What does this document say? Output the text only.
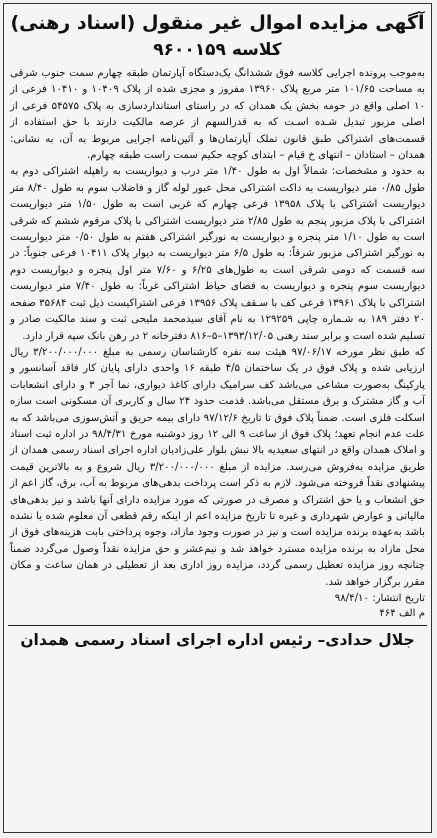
آگهی مزایده اموال غیر منقول (اسناد رهنی)
کلاسه ۹۶۰۰۱۵۹

به‌موجب پرونده اجرایی کلاسه فوق ششدانگ یک‌دستگاه آپارتمان طبقه چهارم سمت جنوب شرقی به مساحت ۱۰۱/۶۵ متر مربع پلاک ۱۳۹۶۰ مفروز و مجزی شده از پلاک ۱۰۴۰۹ و ۱۰۴۱۰ فرعی از ۱۰ اصلی واقع در حومه بخش یک همدان که در راستای استانداردسازی به پلاک ۵۴۵۷۵ فرعی از اصلی مزبور تبدیل شـده اسـت که به قدرالسهم از عرصه مالکیت دارند با حق استفاده از قسمت‌های اشتراکی طبق قانون تملک آپارتمان‌ها و آئین‌نامه اجرایی مربوط به آن، به نشانی: همدان – استادان – انتهای خ قیام – ابتدای کوچه حکیم سمت راست طبقه چهارم.

به حدود و مشخصات: شمالاً اول به طول ۱/۴۰ متر درب و دیواریست به راهپله اشتراکی دوم به طول ۰/۸۵ متر دیواریست به داکت اشتراکی محل عبور لوله گاز و فاضلاب سوم به طول ۸/۴۰ متر دیواریست اشتراکی با پلاک ۱۳۹۵۸ فرعی چهارم که غربی است به طول ۱/۵۰ متر دیواریست اشتراکی با پلاک مزبور پنجم به طول ۲/۸۵ متر دیواریست اشتراکی با پلاک مرقوم ششم که شرقی است به طول ۱/۱۰ متر پنجره و دیواریست به نورگیر اشتراکی هفتم به طول ۰/۵۰ متر دیواریست به نورگیر اشتراکی مزبور شرقاً: به طول ۶/۵ متر دیواریست به دیوار پلاک ۱۰۴۱۱ فرعی جنوباً: در سه قسمت که دومی شرقی است به طول‌های ۶/۲۵ و ۷/۶۰ متر اول پنجره و دیواریست دوم دیواریست سوم پنجره و دیواریست به فضای حیاط اشتراکی غرباً: به طول ۷/۴۰ متر دیواریست اشتراکی با پلاک ۱۳۹۶۱ فرعی کف با سـقف پلاک ۱۳۹۵۶ فرعی اشتراکیست ذیل ثبت ۳۵۶۸۴ صفحه ۲۰ دفتر ۱۸۹ به شـماره چاپی ۱۲۹۲۵۹ به نام آقای سیدمحمد ملیحی ثبت و سند مالکیت صادر و تسلیم شده است و برابر سند رهنی ۱۳۹۳/۱۲/۰۵–۵–۸۱۶ دفترخانه ۲ در رهن بانک سپه قرار دارد.

که طبق نظر مورخه ۹۷/۰۶/۱۷ هیئت سه نفره کارشناسان رسمی به مبلغ ۳/۲۰۰/۰۰۰/۰۰۰ ریال ارزیابی شده و پلاک فوق در یک ساختمان ۴/۵ طبقه ۱۶ واحدی دارای پایان کار فاقد آسانسور و پارکینگ به‌صورت مشاعی می‌باشد کف سرامیک دارای کاغذ دیواری، نما آجر ۳ و دارای انشعابات آب و گاز مشترک و برق مستقل می‌باشد. قدمت حدود ۲۴ سال و کاربری آن مسکونی است سازه اسکلت فلزی است. ضمناً پلاک فوق تا تاریخ ۹۷/۱۲/۶ دارای بیمه حریق و آتش‌سوزی می‌باشد که به علت عدم انجام تعهد؛ پلاک فوق از ساعت ۹ الی ۱۲ روز دوشنبه مورخ ۹۸/۴/۳۱ در اداره ثبت اسناد و املاک همدان واقع در انتهای سعیدیه بالا نبش بلوار علی‌زادیان اداره اجرای اسناد رسمی همدان از طریق مزایده به‌فروش می‌رسد. مزایده از مبلغ ۳/۲۰۰/۰۰۰/۰۰۰ ریال شروع و به بالاترین قیمت پیشنهادی نقداً فروخته می‌شود. لازم به ذکر است پرداخت بدهی‌های مربوط به آب، برق، گاز اعم از حق انشعاب و یا حق اشتراک و مصرف در صورتی که مورد مزایده دارای آنها باشد و نیز بدهی‌های مالیاتی و عوارض شهرداری و غیره تا تاریخ مزایده اعم از اینکه رقم قطعی آن معلوم شده یا نشده باشد به‌عهده برنده مزایده است و نیز در صورت وجود مازاد، وجوه پرداختی بابت هزینه‌های فوق از محل مازاد به برنده مزایده مسترد خواهد شد و نیم‌عشر و حق مزایده نقداً وصول می‌گردد ضمناً چنانچه روز مزایده تعطیل رسمی گردد، مزایده روز اداری بعد از تعطیلی در همان ساعت و مکان مقرر برگزار خواهد شد.

تاریخ انتشار: ۹۸/۴/۱۰
م الف ۴۶۴
جلال حدادی– رئیس اداره اجرای اسناد رسمی همدان
